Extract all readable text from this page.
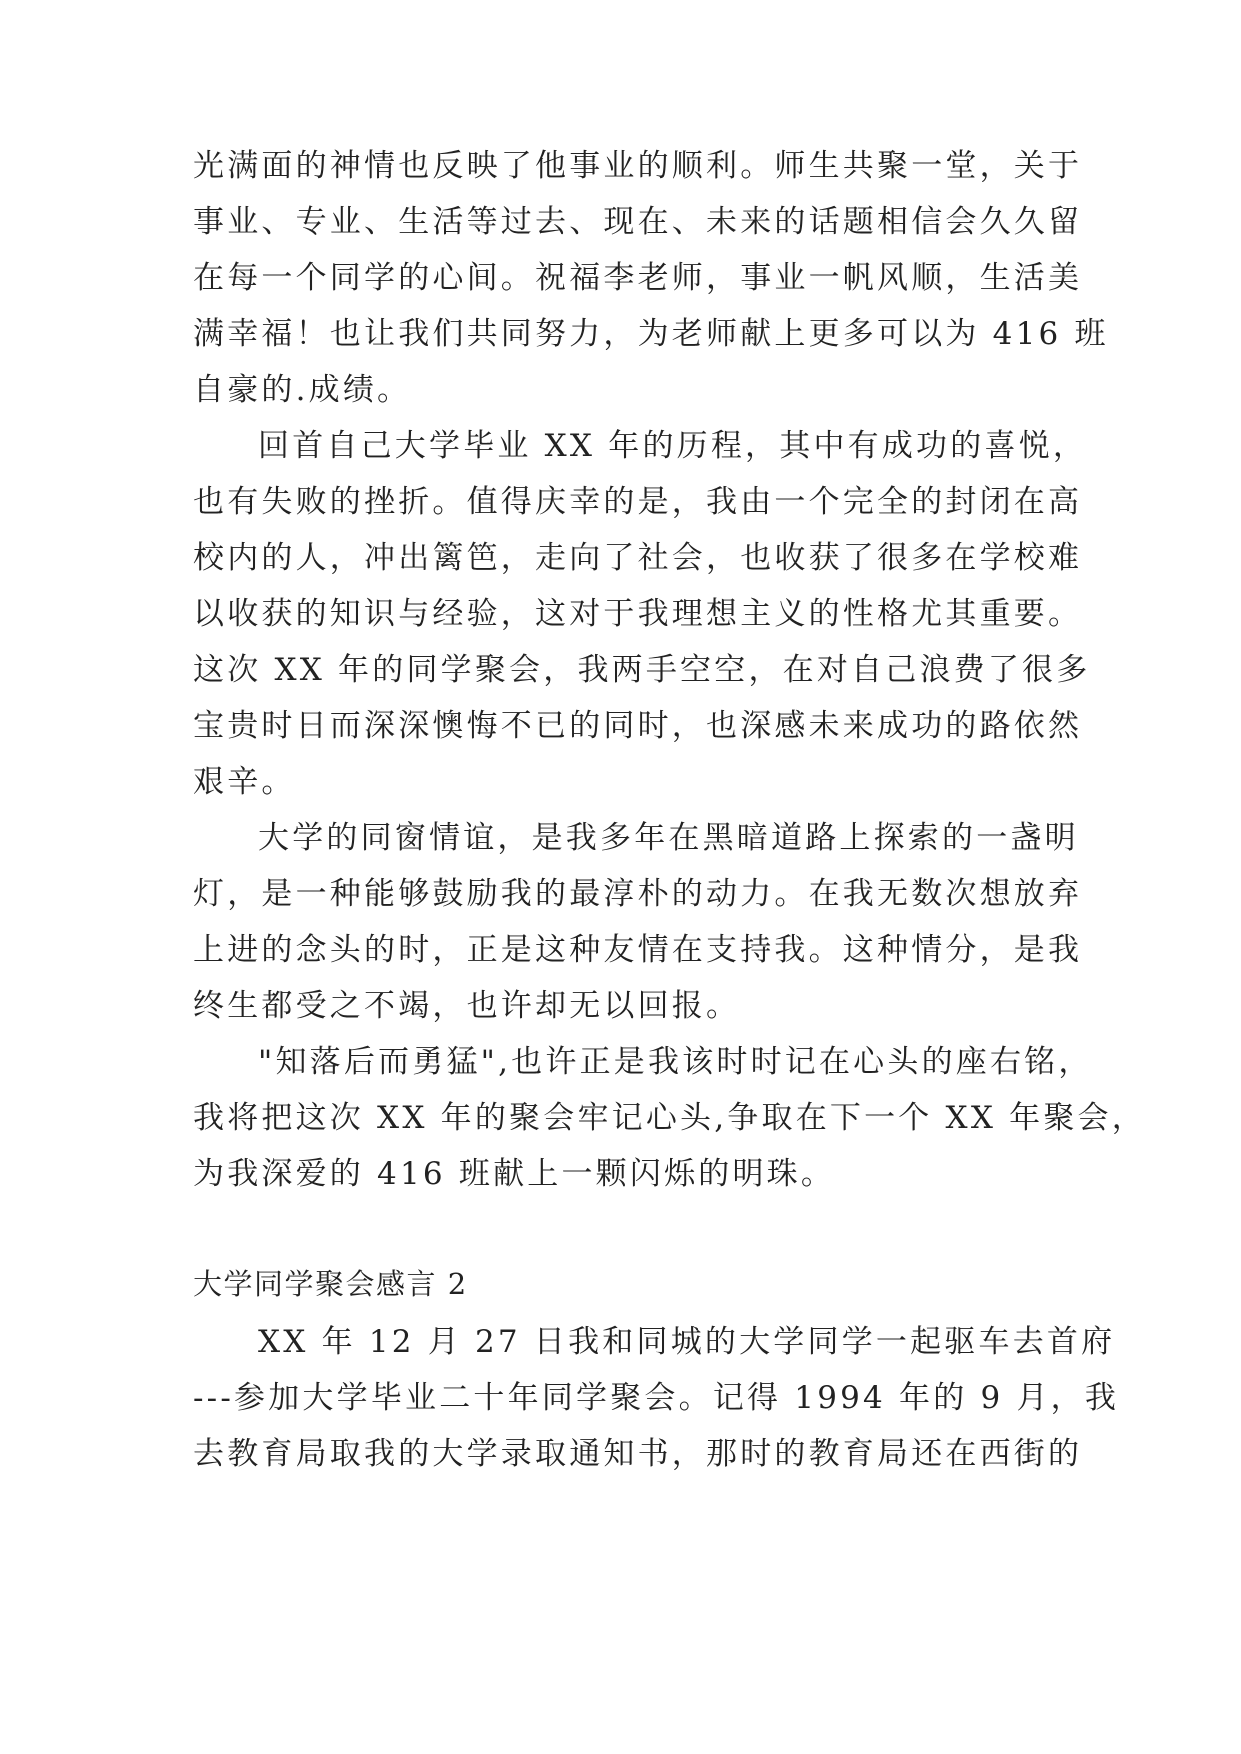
光满面的神情也反映了他事业的顺利。师生共聚一堂，关于
事业、专业、生活等过去、现在、未来的话题相信会久久留
在每一个同学的心间。祝福李老师，事业一帆风顺，生活美
满幸福！也让我们共同努力，为老师献上更多可以为 416 班
自豪的.成绩。
回首自己大学毕业 XX 年的历程，其中有成功的喜悦，
也有失败的挫折。值得庆幸的是，我由一个完全的封闭在高
校内的人，冲出篱笆，走向了社会，也收获了很多在学校难
以收获的知识与经验，这对于我理想主义的性格尤其重要。
这次 XX 年的同学聚会，我两手空空，在对自己浪费了很多
宝贵时日而深深懊悔不已的同时，也深感未来成功的路依然
艰辛。
大学的同窗情谊，是我多年在黑暗道路上探索的一盏明
灯，是一种能够鼓励我的最淳朴的动力。在我无数次想放弃
上进的念头的时，正是这种友情在支持我。这种情分，是我
终生都受之不竭，也许却无以回报。
"知落后而勇猛",也许正是我该时时记在心头的座右铭，
我将把这次 XX 年的聚会牢记心头,争取在下一个 XX 年聚会，
为我深爱的 416 班献上一颗闪烁的明珠。
大学同学聚会感言 2
XX 年 12 月 27 日我和同城的大学同学一起驱车去首府
---参加大学毕业二十年同学聚会。记得 1994 年的 9 月，我
去教育局取我的大学录取通知书，那时的教育局还在西街的
